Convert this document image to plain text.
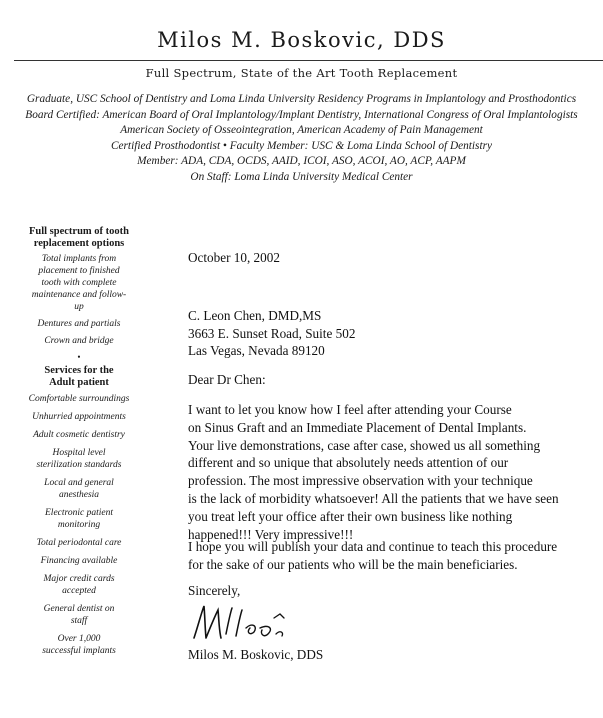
Milos M. Boskovic, DDS
Full Spectrum, State of the Art Tooth Replacement
Graduate, USC School of Dentistry and Loma Linda University Residency Programs in Implantology and Prosthodontics
Board Certified: American Board of Oral Implantology/Implant Dentistry, International Congress of Oral Implantologists
American Society of Osseointegration, American Academy of Pain Management
Certified Prosthodontist • Faculty Member: USC & Loma Linda School of Dentistry
Member: ADA, CDA, OCDS, AAID, ICOI, ASO, ACOI, AO, ACP, AAPM
On Staff: Loma Linda University Medical Center
Full spectrum of tooth replacement options
Total implants from placement to finished tooth with complete maintenance and follow-up
Dentures and partials
Crown and bridge
•
Services for the Adult patient
Comfortable surroundings
Unhurried appointments
Adult cosmetic dentistry
Hospital level sterilization standards
Local and general anesthesia
Electronic patient monitoring
Total periodontal care
Financing available
Major credit cards accepted
General dentist on staff
Over 1,000 successful implants
October 10, 2002
C. Leon Chen, DMD,MS
3663 E. Sunset Road, Suite 502
Las Vegas, Nevada 89120
Dear Dr Chen:
I want to let you know how I feel after attending your Course
on Sinus Graft and an Immediate Placement of Dental Implants.
Your live demonstrations, case after case, showed us all something
different and so unique that absolutely needs attention of our
profession. The most impressive observation with your technique
is the lack of morbidity whatsoever! All the patients that we have seen
you treat left your office after their own business like nothing
happened!!! Very impressive!!!
I hope you will publish your data and continue to teach this procedure
for the sake of our patients who will be the main beneficiaries.
Sincerely,
Milos M. Boskovic, DDS
